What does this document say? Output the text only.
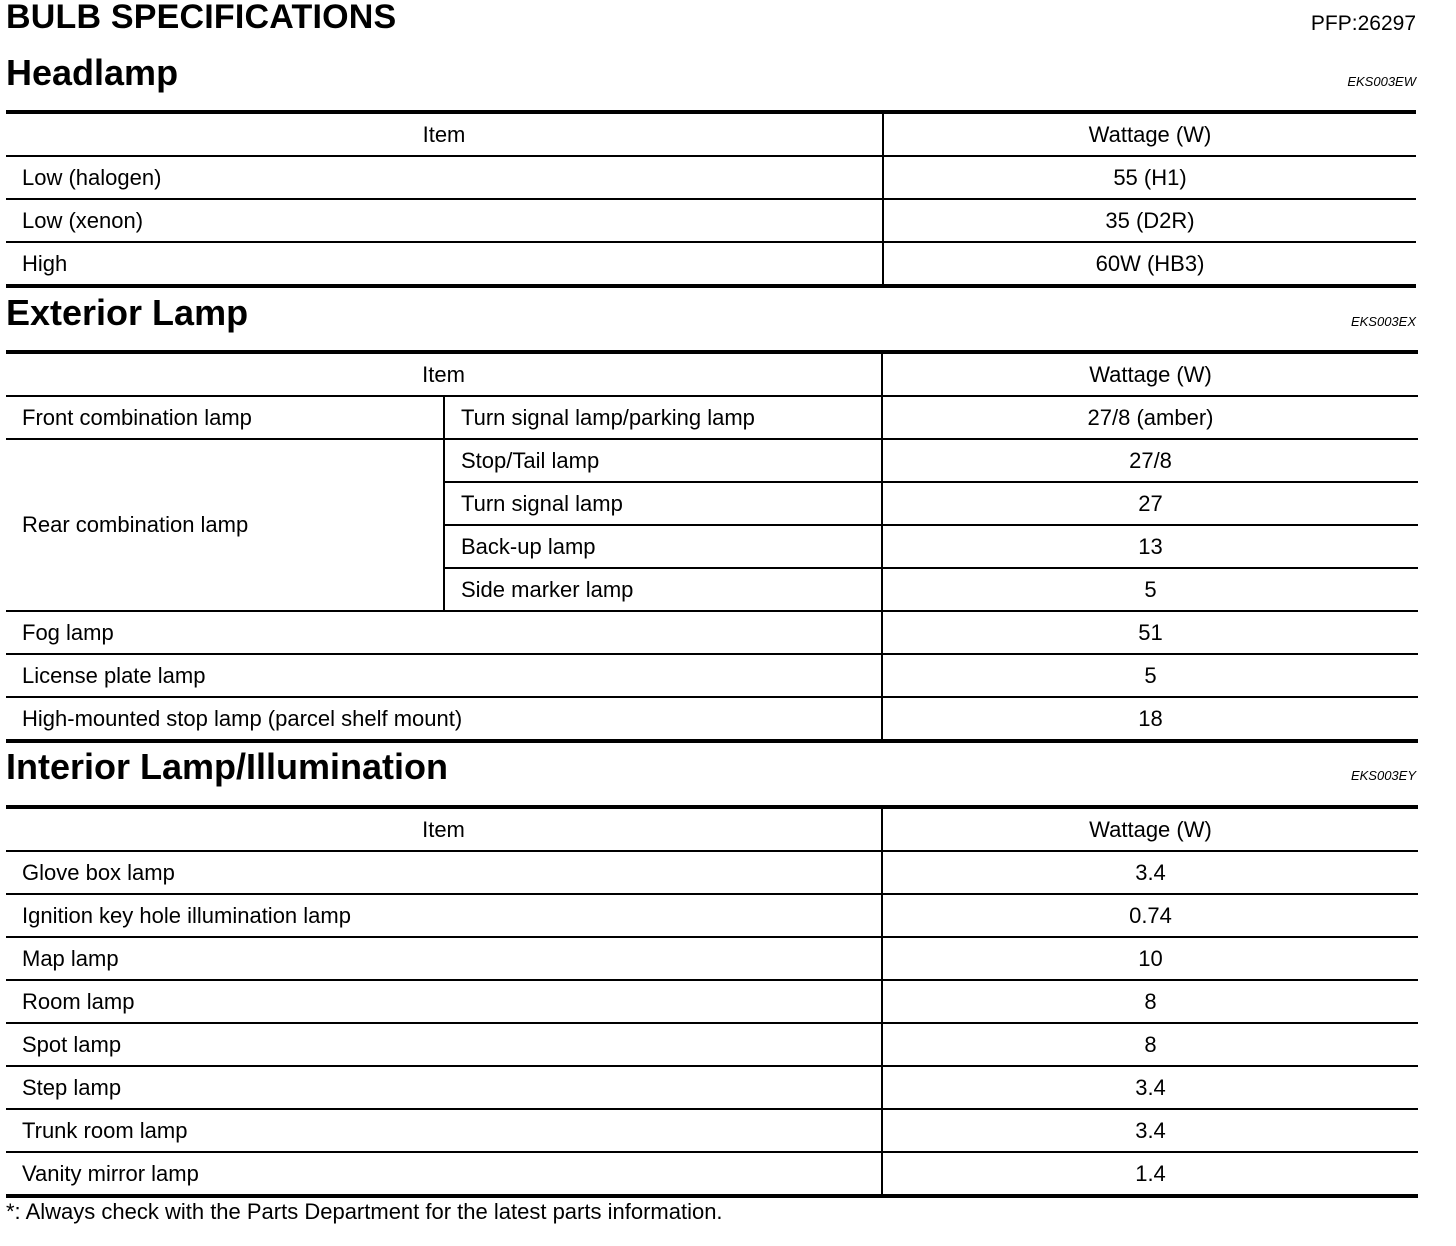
BULB SPECIFICATIONS	PFP:26297
Headlamp	EKS003EW
Item	Wattage (W)
Low (halogen)	55 (H1)
Low (xenon)	35 (D2R)
High	60W (HB3)
Exterior Lamp	EKS003EX
Item		Wattage (W)
Front combination lamp	Turn signal lamp/parking lamp	27/8 (amber)
Rear combination lamp	Stop/Tail lamp	27/8
	Turn signal lamp	27
	Back-up lamp	13
	Side marker lamp	5
Fog lamp		51
License plate lamp		5
High-mounted stop lamp (parcel shelf mount)		18
Interior Lamp/Illumination	EKS003EY
Item	Wattage (W)
Glove box lamp	3.4
Ignition key hole illumination lamp	0.74
Map lamp	10
Room lamp	8
Spot lamp	8
Step lamp	3.4
Trunk room lamp	3.4
Vanity mirror lamp	1.4
*: Always check with the Parts Department for the latest parts information.
